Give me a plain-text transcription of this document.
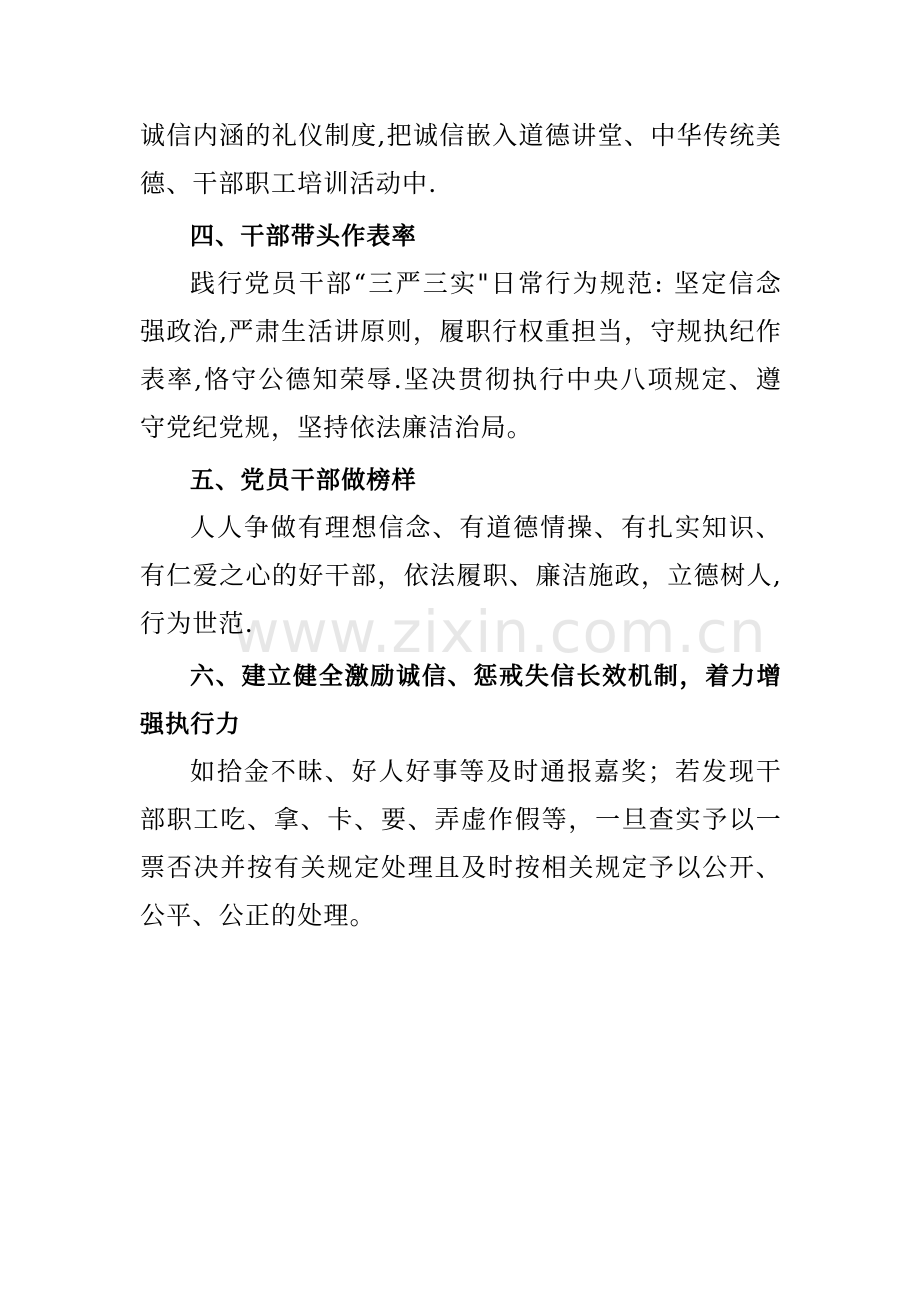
www.zixin.com.cn

诚信内涵的礼仪制度,把诚信嵌入道德讲堂、中华传统美德、干部职工培训活动中.

四、干部带头作表率

践行党员干部“三严三实"日常行为规范: 坚定信念强政治,严肃生活讲原则，履职行权重担当，守规执纪作表率,恪守公德知荣辱.坚决贯彻执行中央八项规定、遵守党纪党规，坚持依法廉洁治局。

五、党员干部做榜样

人人争做有理想信念、有道德情操、有扎实知识、有仁爱之心的好干部，依法履职、廉洁施政，立德树人,行为世范.

六、建立健全激励诚信、惩戒失信长效机制，着力增强执行力

如拾金不昧、好人好事等及时通报嘉奖；若发现干部职工吃、拿、卡、要、弄虚作假等，一旦查实予以一票否决并按有关规定处理且及时按相关规定予以公开、公平、公正的处理。
